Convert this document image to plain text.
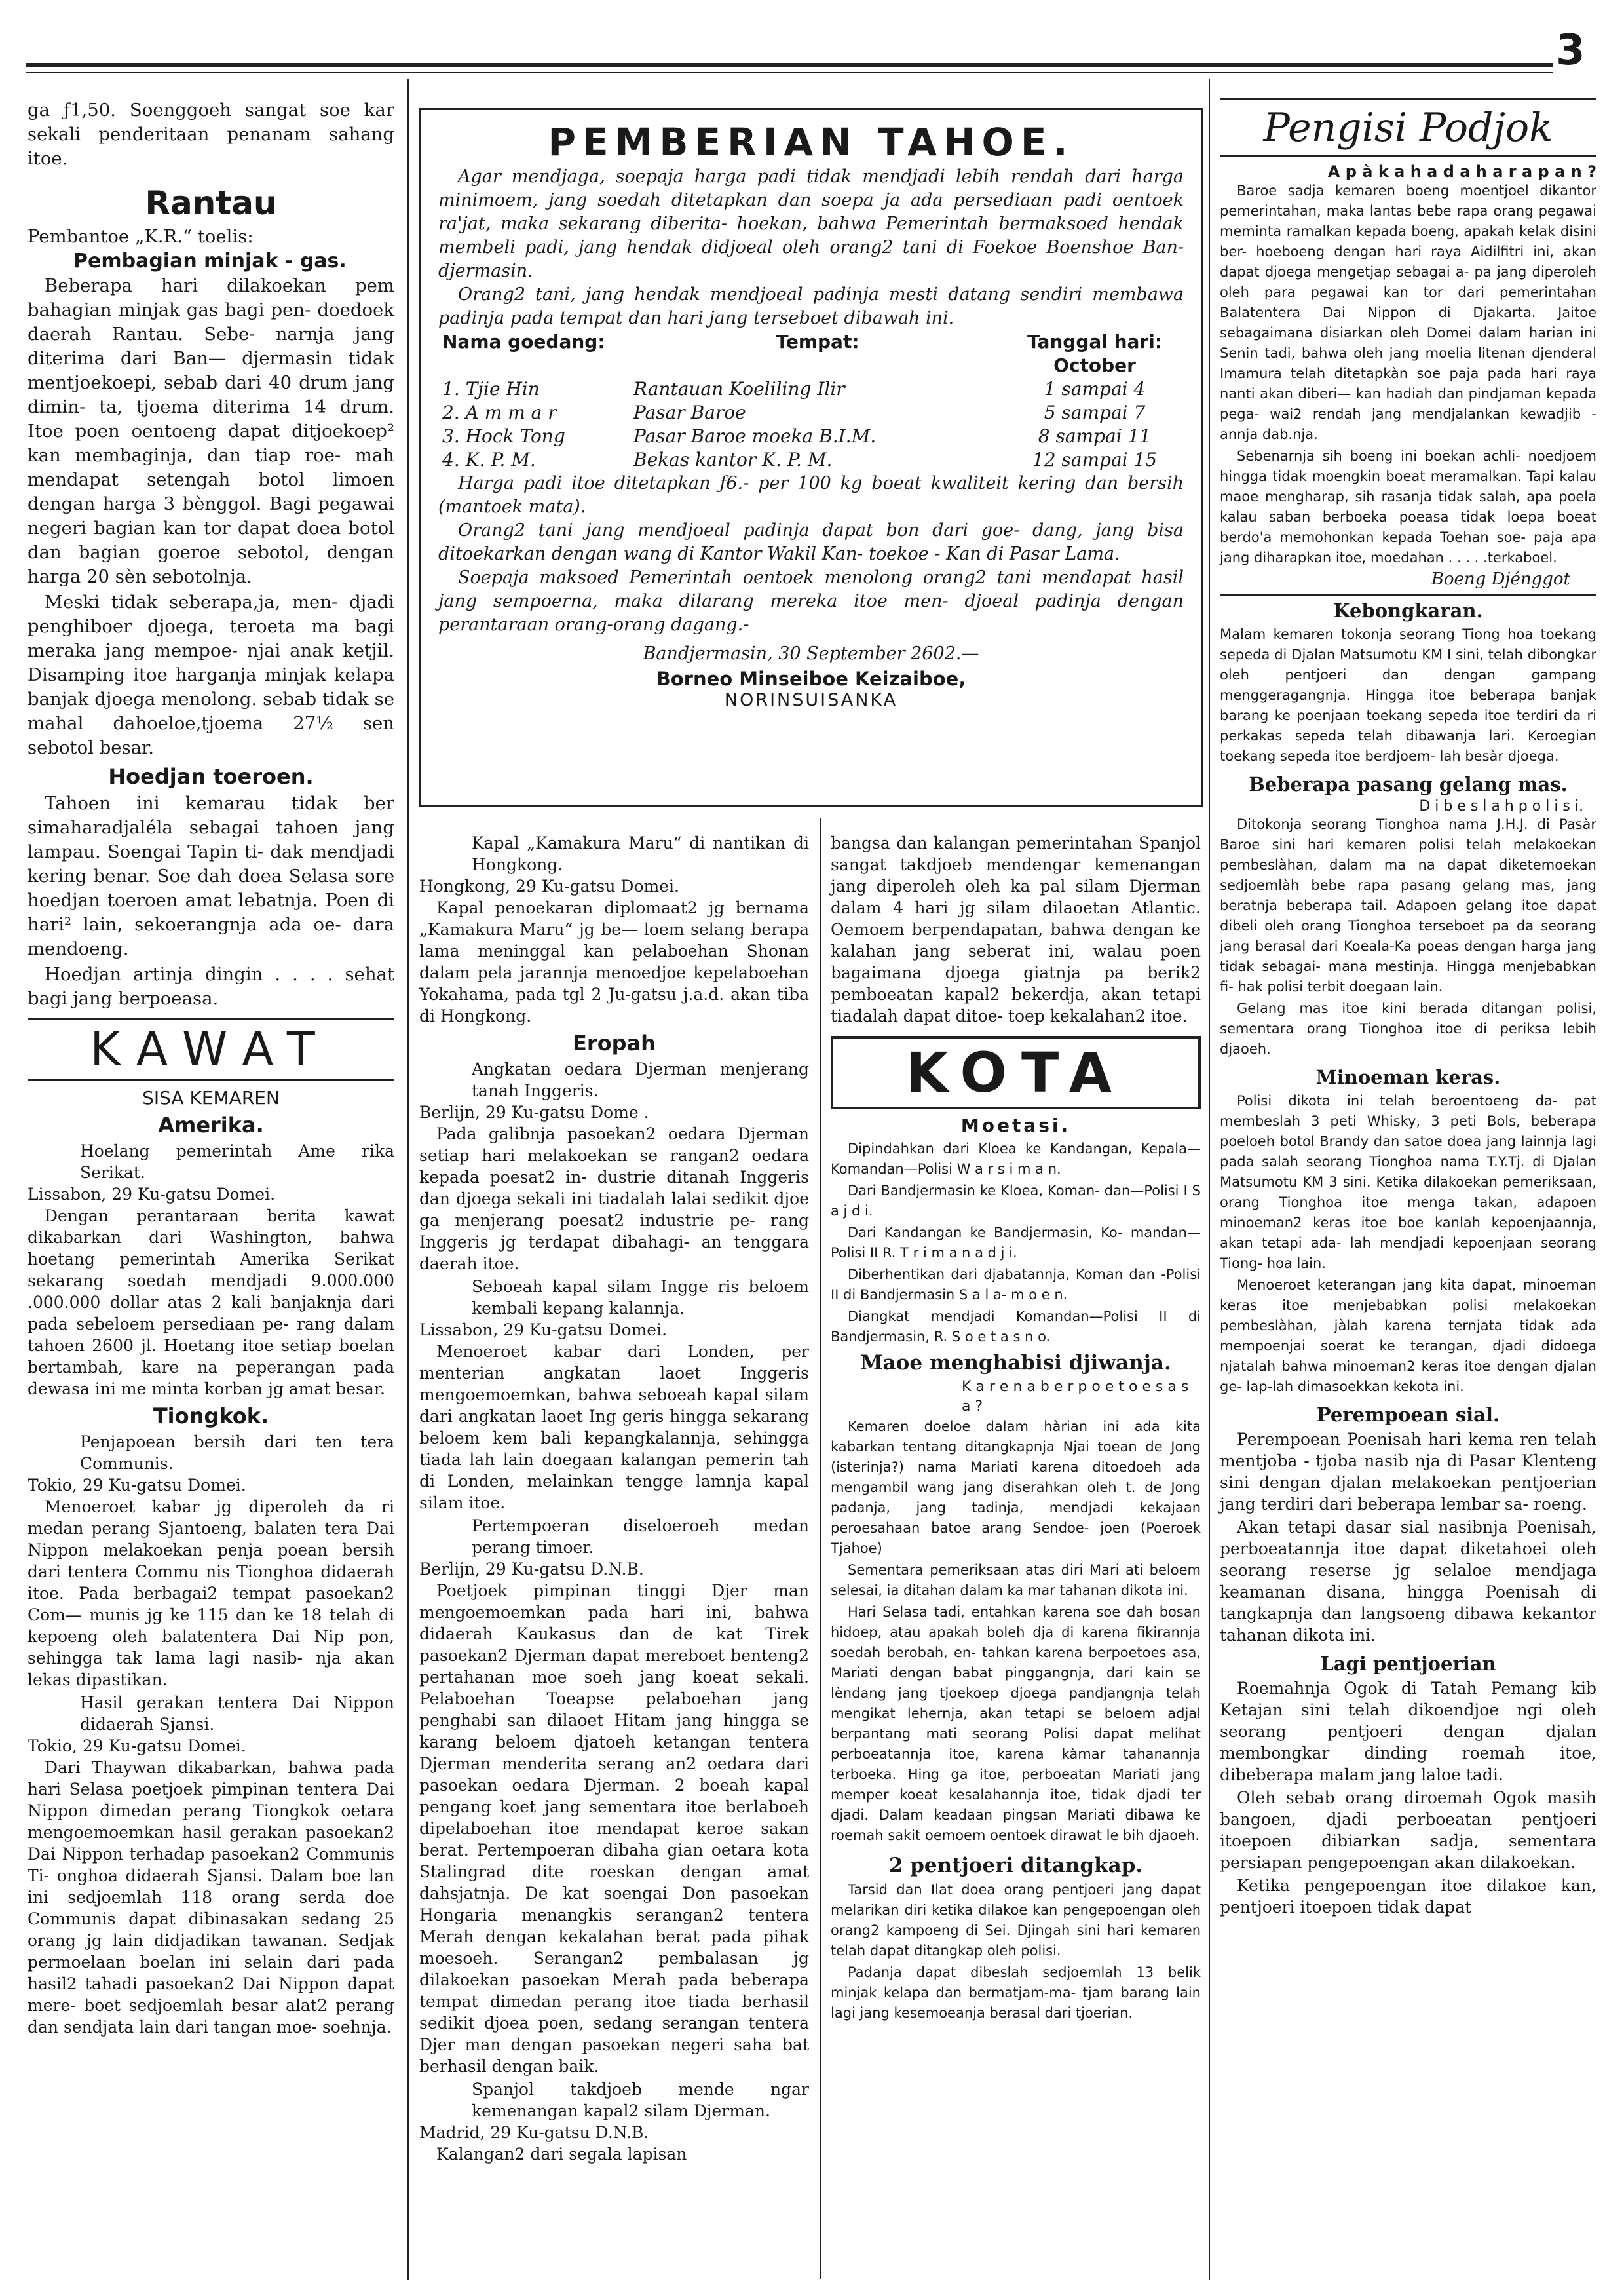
3
ga ƒ1,50. Soenggoeh sangat soe kar sekali penderitaan penanam sahang itoe.
Rantau
Pembantoe „K.R.“ toelis:
Pembagian minjak - gas.

Beberapa hari dilakoekan pem bahagian minjak gas bagi pen- doedoek daerah Rantau. Sebe- narnja jang diterima dari Ban— djermasin tidak mentjoekoepi, sebab dari 40 drum jang dimin- ta, tjoema diterima 14 drum. Itoe poen oentoeng dapat ditjoekoep² kan membaginja, dan tiap roe- mah mendapat setengah botol limoen dengan harga 3 bènggol. Bagi pegawai negeri bagian kan tor dapat doea botol dan bagian goeroe sebotol, dengan harga 20 sèn sebotolnja.

Meski tidak seberapa,ja, men- djadi penghiboer djoega, teroeta ma bagi meraka jang mempoe- njai anak ketjil. Disamping itoe harganja minjak kelapa banjak djoega menolong. sebab tidak se mahal dahoeloe,tjoema 27½ sen sebotol besar.

Hoedjan toeroen.

Tahoen ini kemarau tidak ber simaharadjaléla sebagai tahoen jang lampau. Soengai Tapin ti- dak mendjadi kering benar. Soe dah doea Selasa sore hoedjan toeroen amat lebatnja. Poen di hari² lain, sekoerangnja ada oe- dara mendoeng.

Hoedjan artinja dingin . . . . sehat bagi jang berpoeasa.

KAWAT
SISA KEMAREN
Amerika.
Hoelang pemerintah Ame rika Serikat.
Lissabon, 29 Ku-gatsu Domei.

Dengan perantaraan berita kawat dikabarkan dari Washington, bahwa hoetang pemerintah Amerika Serikat sekarang soedah mendjadi 9.000.000 .000.000 dollar atas 2 kali banjaknja dari pada sebeloem persediaan pe- rang dalam tahoen 2600 jl. Hoetang itoe setiap boelan bertambah, kare na peperangan pada dewasa ini me minta korban jg amat besar.

Tiongkok.
Penjapoean bersih dari ten tera Communis.
Tokio, 29 Ku-gatsu Domei.

Menoeroet kabar jg diperoleh da ri medan perang Sjantoeng, balaten tera Dai Nippon melakoekan penja poean bersih dari tentera Commu nis Tionghoa didaerah itoe. Pada berbagai2 tempat pasoekan2 Com— munis jg ke 115 dan ke 18 telah di kepoeng oleh balatentera Dai Nip pon, sehingga tak lama lagi nasib- nja akan lekas dipastikan.

Hasil gerakan tentera Dai Nippon didaerah Sjansi.
Tokio, 29 Ku-gatsu Domei.

Dari Thaywan dikabarkan, bahwa pada hari Selasa poetjoek pimpinan tentera Dai Nippon dimedan perang Tiongkok oetara mengoemoemkan hasil gerakan pasoekan2 Dai Nippon terhadap pasoekan2 Communis Ti- onghoa didaerah Sjansi. Dalam boe lan ini sedjoemlah 118 orang serda doe Communis dapat dibinasakan sedang 25 orang jg lain didjadikan tawanan. Sedjak permoelaan boelan ini selain dari pada hasil2 tahadi pasoekan2 Dai Nippon dapat mere- boet sedjoemlah besar alat2 perang dan sendjata lain dari tangan moe- soehnja.

PEMBERIAN TAHOE.

Agar mendjaga, soepaja harga padi tidak mendjadi lebih rendah dari harga minimoem, jang soedah ditetapkan dan soepa ja ada persediaan padi oentoek ra'jat, maka sekarang diberita- hoekan, bahwa Pemerintah bermaksoed hendak membeli padi, jang hendak didjoeal oleh orang2 tani di Foekoe Boenshoe Ban- djermasin.

Orang2 tani, jang hendak mendjoeal padinja mesti datang sendiri membawa padinja pada tempat dan hari jang terseboet dibawah ini.

Nama goedang:	Tempat:	Tanggal hari: October
1. Tjie Hin	Rantauan Koeliling Ilir	1 sampai 4
2. A m m a r	Pasar Baroe	5 sampai 7
3. Hock Tong	Pasar Baroe moeka B.I.M.	8 sampai 11
4. K. P. M.	Bekas kantor K. P. M.	12 sampai 15

Harga padi itoe ditetapkan ƒ6.- per 100 kg boeat kwaliteit kering dan bersih (mantoek mata).

Orang2 tani jang mendjoeal padinja dapat bon dari goe- dang, jang bisa ditoekarkan dengan wang di Kantor Wakil Kan- toekoe - Kan di Pasar Lama.

Soepaja maksoed Pemerintah oentoek menolong orang2 tani mendapat hasil jang sempoerna, maka dilarang mereka itoe men- djoeal padinja dengan perantaraan orang-orang dagang.-

Bandjermasin, 30 September 2602.—
Borneo Minseiboe Keizaiboe,
NORINSUISANKA
Kapal „Kamakura Maru“ di nantikan di Hongkong.
Hongkong, 29 Ku-gatsu Domei.

Kapal penoekaran diplomaat2 jg bernama „Kamakura Maru“ jg be— loem selang berapa lama meninggal kan pelaboehan Shonan dalam pela jarannja menoedjoe kepelaboehan Yokahama, pada tgl 2 Ju-gatsu j.a.d. akan tiba di Hongkong.

Eropah
Angkatan oedara Djerman menjerang tanah Inggeris.
Berlijn, 29 Ku-gatsu Dome .

Pada galibnja pasoekan2 oedara Djerman setiap hari melakoekan se rangan2 oedara kepada poesat2 in- dustrie ditanah Inggeris dan djoega sekali ini tiadalah lalai sedikit djoe ga menjerang poesat2 industrie pe- rang Inggeris jg terdapat dibahagi- an tenggara daerah itoe.

Seboeah kapal silam Ingge ris beloem kembali kepang kalannja.
Lissabon, 29 Ku-gatsu Domei.

Menoeroet kabar dari Londen, per menterian angkatan laoet Inggeris mengoemoemkan, bahwa seboeah kapal silam dari angkatan laoet Ing geris hingga sekarang beloem kem bali kepangkalannja, sehingga tiada lah lain doegaan kalangan pemerin tah di Londen, melainkan tengge lamnja kapal silam itoe.

Pertempoeran diseloeroeh medan perang timoer.
Berlijn, 29 Ku-gatsu D.N.B.

Poetjoek pimpinan tinggi Djer man mengoemoemkan pada hari ini, bahwa didaerah Kaukasus dan de kat Tirek pasoekan2 Djerman dapat mereboet benteng2 pertahanan moe soeh jang koeat sekali. Pelaboehan Toeapse pelaboehan jang penghabi san dilaoet Hitam jang hingga se karang beloem djatoeh ketangan tentera Djerman menderita serang an2 oedara dari pasoekan oedara Djerman. 2 boeah kapal pengang koet jang sementara itoe berlaboeh dipelaboehan itoe mendapat keroe sakan berat. Pertempoeran dibaha gian oetara kota Stalingrad dite roeskan dengan amat dahsjatnja. De kat soengai Don pasoekan Hongaria menangkis serangan2 tentera Merah dengan kekalahan berat pada pihak moesoeh. Serangan2 pembalasan jg dilakoekan pasoekan Merah pada beberapa tempat dimedan perang itoe tiada berhasil sedikit djoea poen, sedang serangan tentera Djer man dengan pasoekan negeri saha bat berhasil dengan baik.

Spanjol takdjoeb mende ngar kemenangan kapal2 silam Djerman.
Madrid, 29 Ku-gatsu D.N.B.

Kalangan2 dari segala lapisan

bangsa dan kalangan pemerintahan Spanjol sangat takdjoeb mendengar kemenangan jang diperoleh oleh ka pal silam Djerman dalam 4 hari jg silam dilaoetan Atlantic. Oemoem berpendapatan, bahwa dengan ke kalahan jang seberat ini, walau poen bagaimana djoega giatnja pa berik2 pemboeatan kapal2 bekerdja, akan tetapi tiadalah dapat ditoe- toep kekalahan2 itoe.
KOTA
Moetasi.

Dipindahkan dari Kloea ke Kandangan, Kepala—Komandan—Polisi W a r s i m a n.

Dari Bandjermasin ke Kloea, Koman- dan—Polisi I S a j d i.

Dari Kandangan ke Bandjermasin, Ko- mandan—Polisi II R. T r i m a n a d j i.

Diberhentikan dari djabatannja, Koman dan -Polisi II di Bandjermasin S a l a- m o e n.

Diangkat mendjadi Komandan—Polisi II di Bandjermasin, R. S o e t a s n o.

Maoe menghabisi djiwanja.
K a r e n a b e r p o e t o e s a s a ?

Kemaren doeloe dalam hàrian ini ada kita kabarkan tentang ditangkapnja Njai toean de Jong (isterinja?) nama Mariati karena ditoedoeh ada mengambil wang jang diserahkan oleh t. de Jong padanja, jang tadinja, mendjadi kekajaan peroesahaan batoe arang Sendoe- joen (Poeroek Tjahoe)

Sementara pemeriksaan atas diri Mari ati beloem selesai, ia ditahan dalam ka mar tahanan dikota ini.

Hari Selasa tadi, entahkan karena soe dah bosan hidoep, atau apakah boleh dja di karena fikirannja soedah berobah, en- tahkan karena berpoetoes asa, Mariati dengan babat pinggangnja, dari kain se lèndang jang tjoekoep djoega pandjangnja telah mengikat lehernja, akan tetapi se beloem adjal berpantang mati seorang Polisi dapat melihat perboeatannja itoe, karena kàmar tahanannja terboeka. Hing ga itoe, perboeatan Mariati jang memper koeat kesalahannja itoe, tidak djadi ter djadi. Dalam keadaan pingsan Mariati dibawa ke roemah sakit oemoem oentoek dirawat le bih djaoeh.

2 pentjoeri ditangkap.

Tarsid dan Ilat doea orang pentjoeri jang dapat melarikan diri ketika dilakoe kan pengepoengan oleh orang2 kampoeng di Sei. Djingah sini hari kemaren telah dapat ditangkap oleh polisi.

Padanja dapat dibeslah sedjoemlah 13 belik minjak kelapa dan bermatjam-ma- tjam barang lain lagi jang kesemoeanja berasal dari tjoerian.

Pengisi Podjok
A p à k a h a d a h a r a p a n ?

Baroe sadja kemaren boeng moentjoel dikantor pemerintahan, maka lantas bebe rapa orang pegawai meminta ramalkan kepada boeng, apakah kelak disini ber- hoeboeng dengan hari raya Aidilfitri ini, akan dapat djoega mengetjap sebagai a- pa jang diperoleh oleh para pegawai kan tor dari pemerintahan Balatentera Dai Nippon di Djakarta. Jaitoe sebagaimana disiarkan oleh Domei dalam harian ini Senin tadi, bahwa oleh jang moelia litenan djenderal Imamura telah ditetapkàn soe paja pada hari raya nanti akan diberi— kan hadiah dan pindjaman kepada pega- wai2 rendah jang mendjalankan kewadjib -annja dab.nja.

Sebenarnja sih boeng ini boekan achli- noedjoem hingga tidak moengkin boeat meramalkan. Tapi kalau maoe mengharap, sih rasanja tidak salah, apa poela kalau saban berboeka poeasa tidak loepa boeat berdo'a memohonkan kepada Toehan soe- paja apa jang diharapkan itoe, moedahan . . . . .terkaboel.

Boeng Djénggot
Kebongkaran.
Malam kemaren tokonja seorang Tiong hoa toekang sepeda di Djalan Matsumotu KM I sini, telah dibongkar oleh pentjoeri dan dengan gampang menggeragangnja. Hingga itoe beberapa banjak barang ke poenjaan toekang sepeda itoe terdiri da ri perkakas sepeda telah dibawanja lari. Keroegian toekang sepeda itoe berdjoem- lah besàr djoega.
Beberapa pasang gelang mas.
D i b e s l a h p o l i s i.

Ditokonja seorang Tionghoa nama J.H.J. di Pasàr Baroe sini hari kemaren polisi telah melakoekan pembeslàhan, dalam ma na dapat diketemoekan sedjoemlàh bebe rapa pasang gelang mas, jang beratnja beberapa tail. Adapoen gelang itoe dapat dibeli oleh orang Tionghoa terseboet pa da seorang jang berasal dari Koeala-Ka poeas dengan harga jang tidak sebagai- mana mestinja. Hingga menjebabkan fi- hak polisi terbit doegaan lain.

Gelang mas itoe kini berada ditangan polisi, sementara orang Tionghoa itoe di periksa lebih djaoeh.

Minoeman keras.

Polisi dikota ini telah beroentoeng da- pat membeslah 3 peti Whisky, 3 peti Bols, beberapa poeloeh botol Brandy dan satoe doea jang lainnja lagi pada salah seorang Tionghoa nama T.Y.Tj. di Djalan Matsumotu KM 3 sini. Ketika dilakoekan pemeriksaan, orang Tionghoa itoe menga takan, adapoen minoeman2 keras itoe boe kanlah kepoenjaannja, akan tetapi ada- lah mendjadi kepoenjaan seorang Tiong- hoa lain.

Menoeroet keterangan jang kita dapat, minoeman keras itoe menjebabkan polisi melakoekan pembeslàhan, jàlah karena ternjata tidak ada mempoenjai soerat ke terangan, djadi didoega njatalah bahwa minoeman2 keras itoe dengan djalan ge- lap-lah dimasoekkan kekota ini.

Perempoean sial.

Perempoean Poenisah hari kema ren telah mentjoba - tjoba nasib nja di Pasar Klenteng sini dengan djalan melakoekan pentjoerian jang terdiri dari beberapa lembar sa- roeng.

Akan tetapi dasar sial nasibnja Poenisah, perboeatannja itoe dapat diketahoei oleh seorang reserse jg selaloe mendjaga keamanan disana, hingga Poenisah di tangkapnja dan langsoeng dibawa kekantor tahanan dikota ini.

Lagi pentjoerian

Roemahnja Ogok di Tatah Pemang kib Ketajan sini telah dikoendjoe ngi oleh seorang pentjoeri dengan djalan membongkar dinding roemah itoe, dibeberapa malam jang laloe tadi.

Oleh sebab orang diroemah Ogok masih bangoen, djadi perboeatan pentjoeri itoepoen dibiarkan sadja, sementara persiapan pengepoengan akan dilakoekan.

Ketika pengepoengan itoe dilakoe kan, pentjoeri itoepoen tidak dapat
